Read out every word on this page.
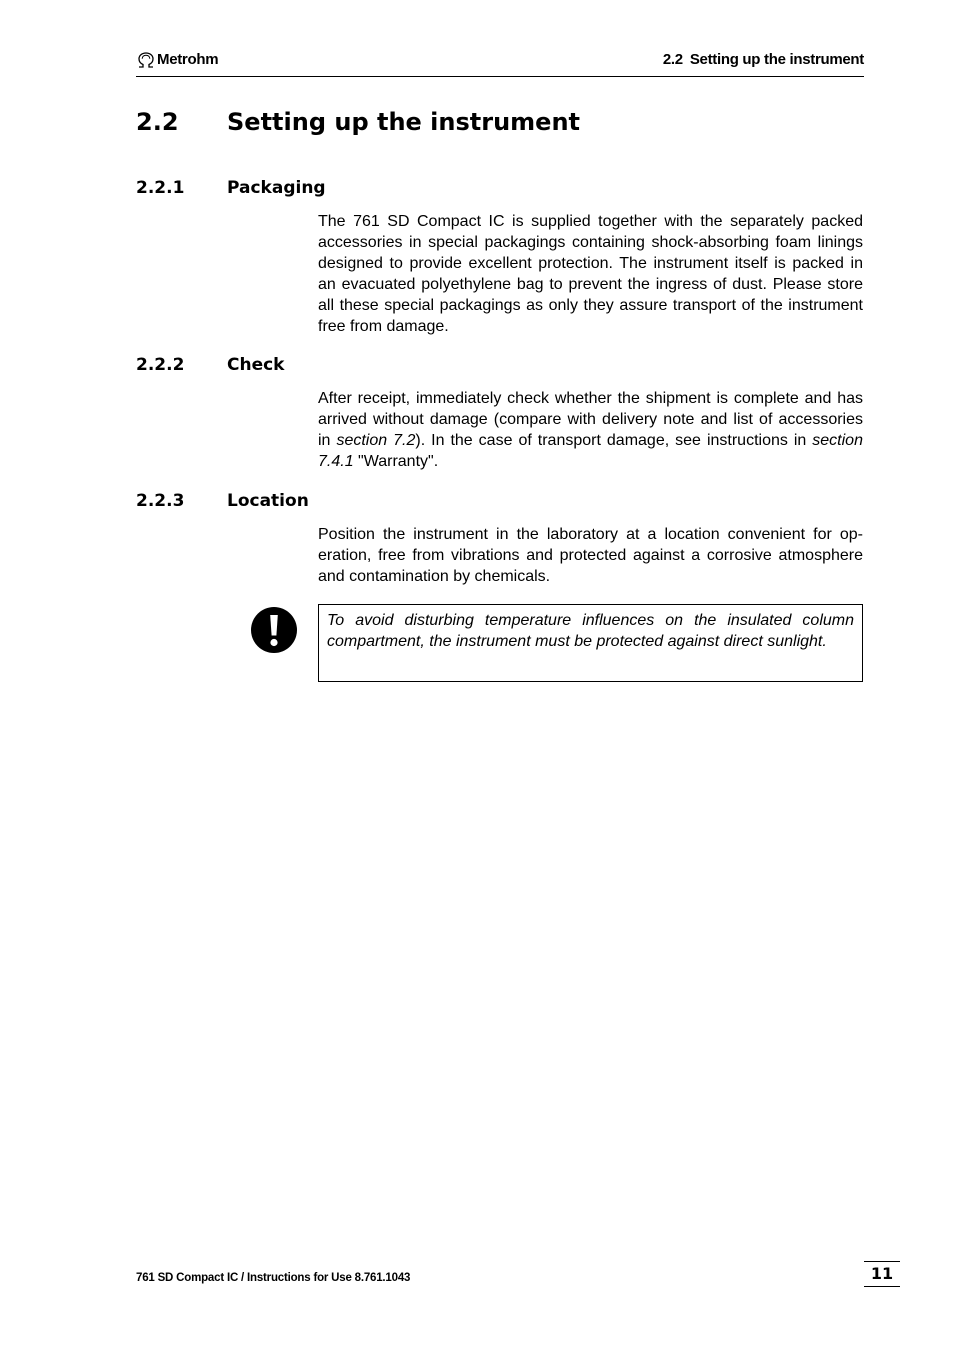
Metrohm	2.2 Setting up the instrument
2.2 Setting up the instrument
2.2.1	Packaging

The 761 SD Compact IC is supplied together with the separately packed accessories in special packagings containing shock-absorbing foam linings designed to provide excellent protection. The instrument itself is packed in an evacuated polyethylene bag to prevent the ingress of dust. Please store all these special packagings as only they assure transport of the instrument free from damage.

2.2.2	Check

After receipt, immediately check whether the shipment is complete and has arrived without damage (compare with delivery note and list of accessories in section 7.2). In the case of transport damage, see instructions in section 7.4.1 "Warranty".

2.2.3	Location

Position the instrument in the laboratory at a location convenient for operation, free from vibrations and protected against a corrosive atmosphere and contamination by chemicals.

To avoid disturbing temperature influences on the insulated column compartment, the instrument must be protected against direct sunlight.
761 SD Compact IC / Instructions for Use 8.761.1043	11
